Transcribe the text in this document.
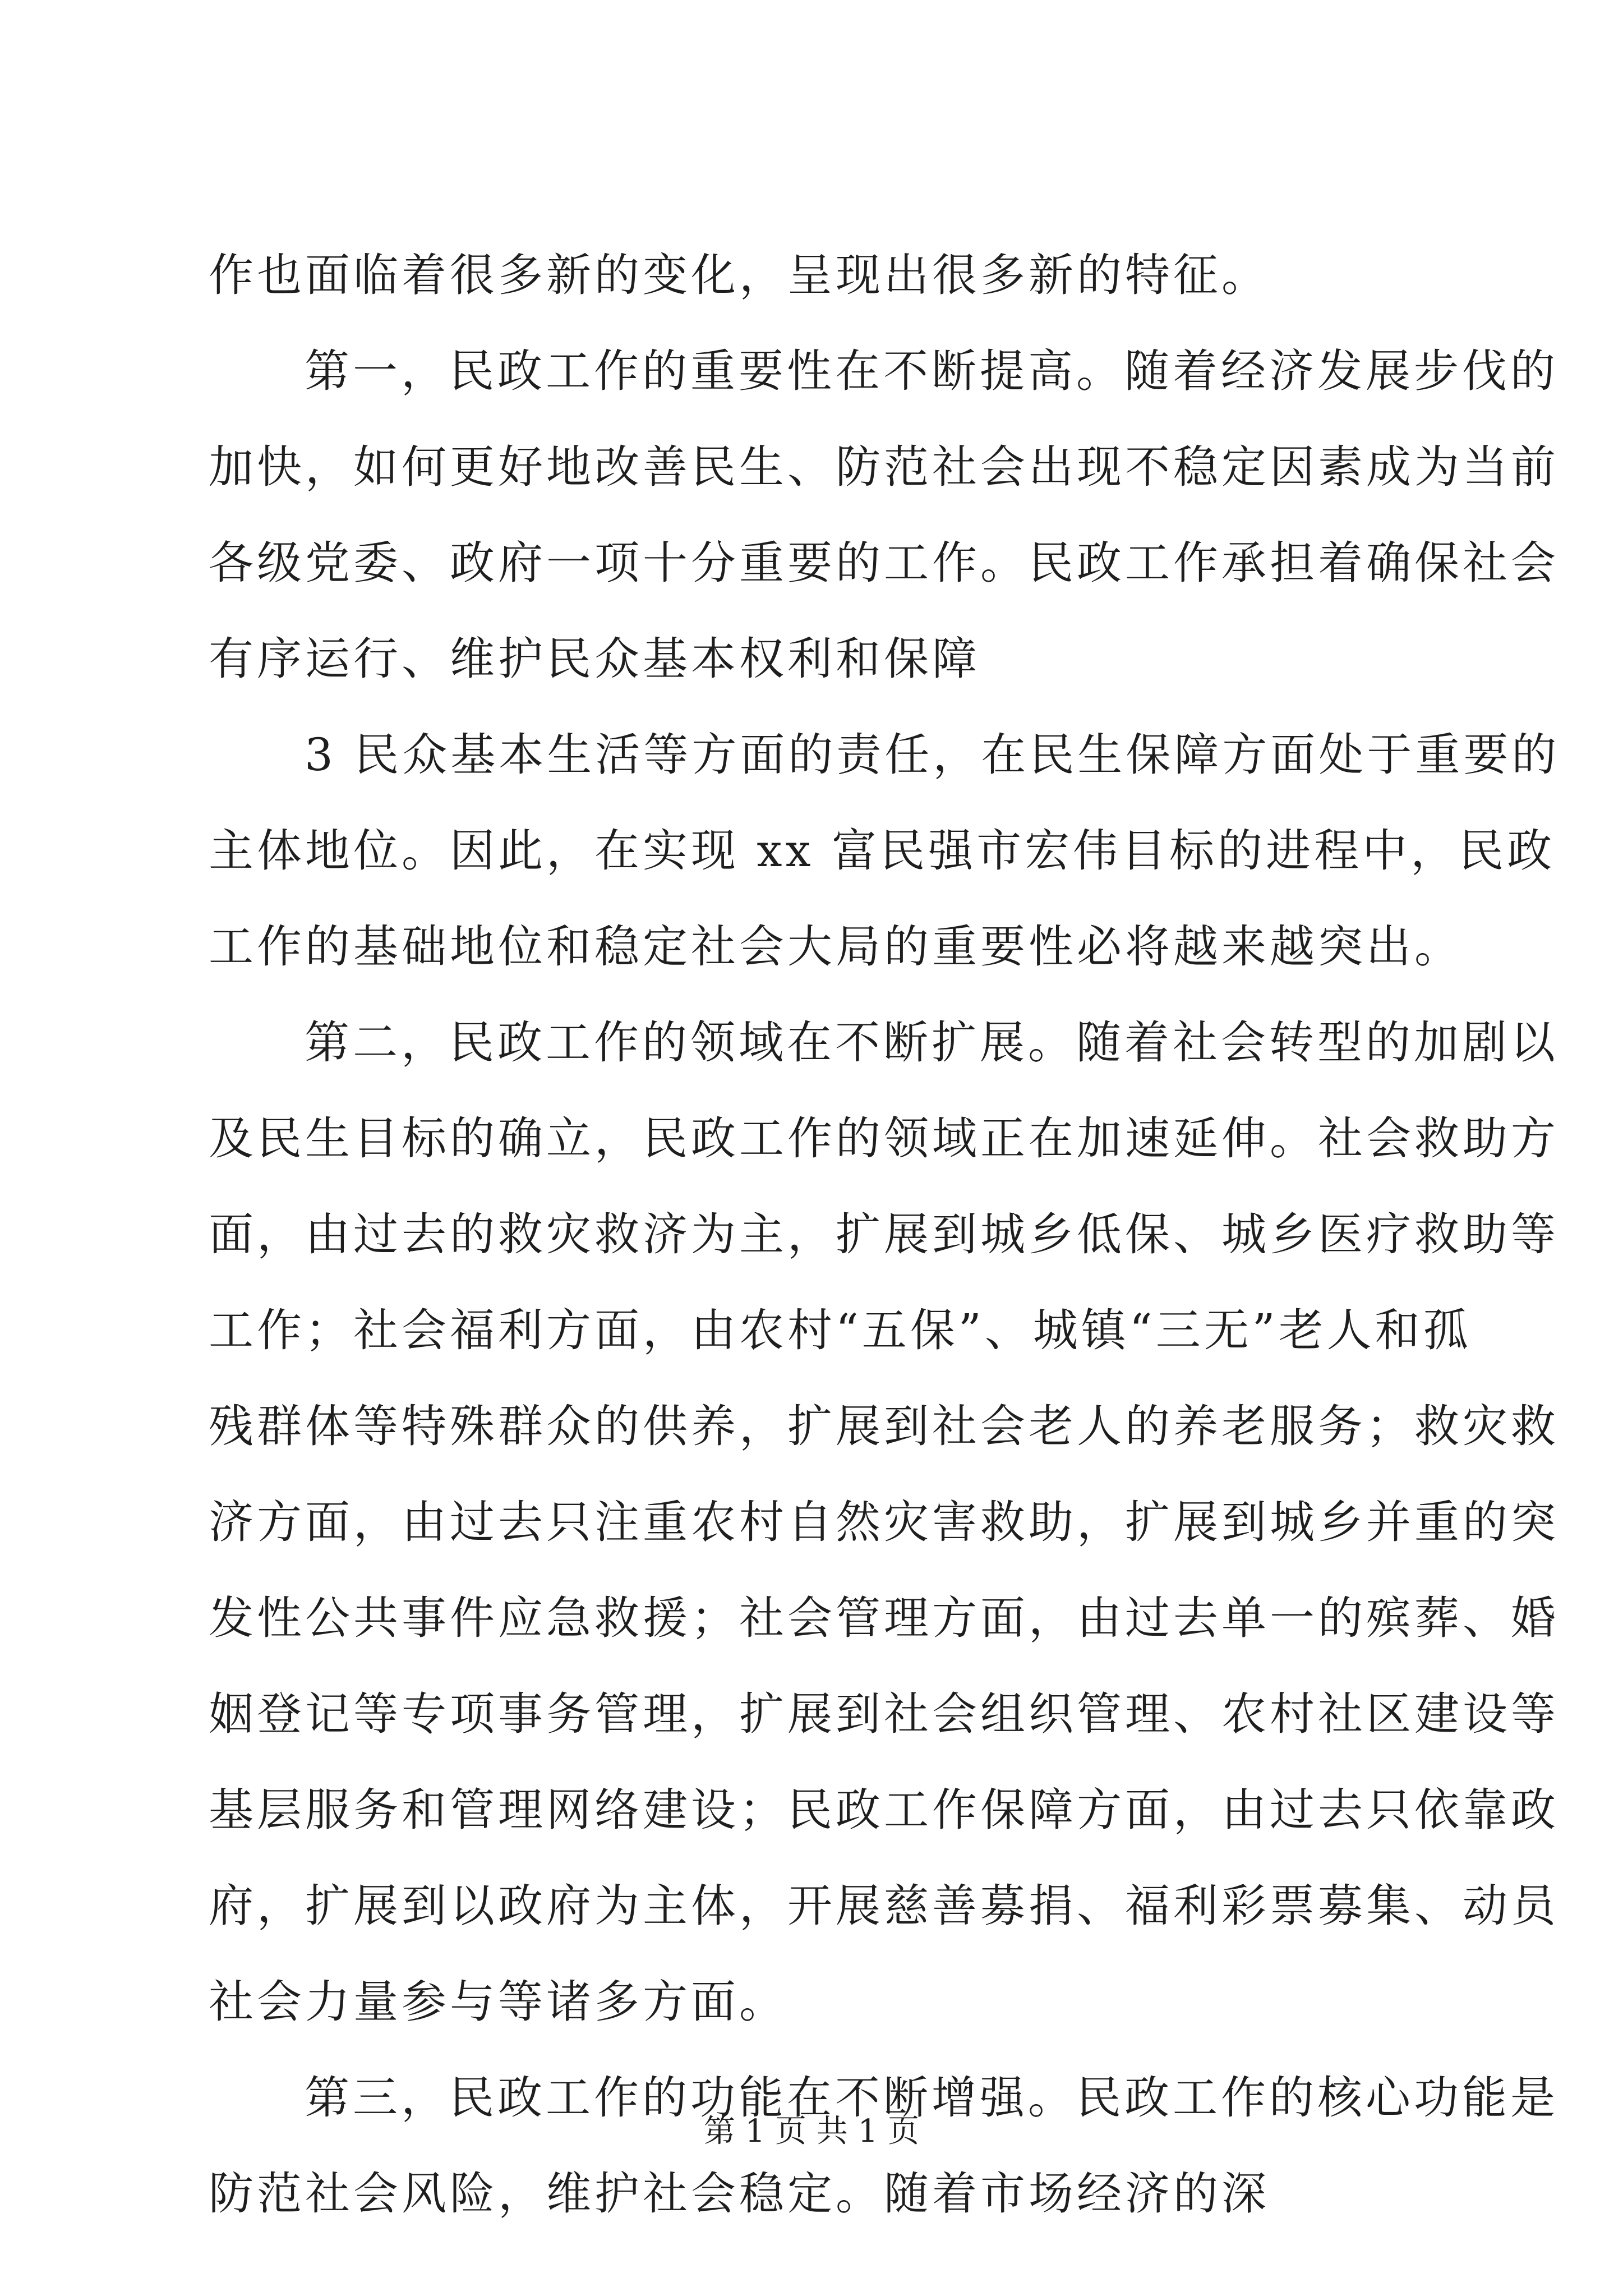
作也面临着很多新的变化，呈现出很多新的特征。
第一，民政工作的重要性在不断提高。随着经济发展步伐的
加快，如何更好地改善民生、防范社会出现不稳定因素成为当前
各级党委、政府一项十分重要的工作。民政工作承担着确保社会
有序运行、维护民众基本权利和保障
3 民众基本生活等方面的责任，在民生保障方面处于重要的
主体地位。因此，在实现 xx 富民强市宏伟目标的进程中，民政
工作的基础地位和稳定社会大局的重要性必将越来越突出。
第二，民政工作的领域在不断扩展。随着社会转型的加剧以
及民生目标的确立，民政工作的领域正在加速延伸。社会救助方
面，由过去的救灾救济为主，扩展到城乡低保、城乡医疗救助等
工作；社会福利方面，由农村“五保”、城镇“三无”老人和孤
残群体等特殊群众的供养，扩展到社会老人的养老服务；救灾救
济方面，由过去只注重农村自然灾害救助，扩展到城乡并重的突
发性公共事件应急救援；社会管理方面，由过去单一的殡葬、婚
姻登记等专项事务管理，扩展到社会组织管理、农村社区建设等
基层服务和管理网络建设；民政工作保障方面，由过去只依靠政
府，扩展到以政府为主体，开展慈善募捐、福利彩票募集、动员
社会力量参与等诸多方面。
第三，民政工作的功能在不断增强。民政工作的核心功能是
防范社会风险，维护社会稳定。随着市场经济的深
第 1 页 共 1 页
